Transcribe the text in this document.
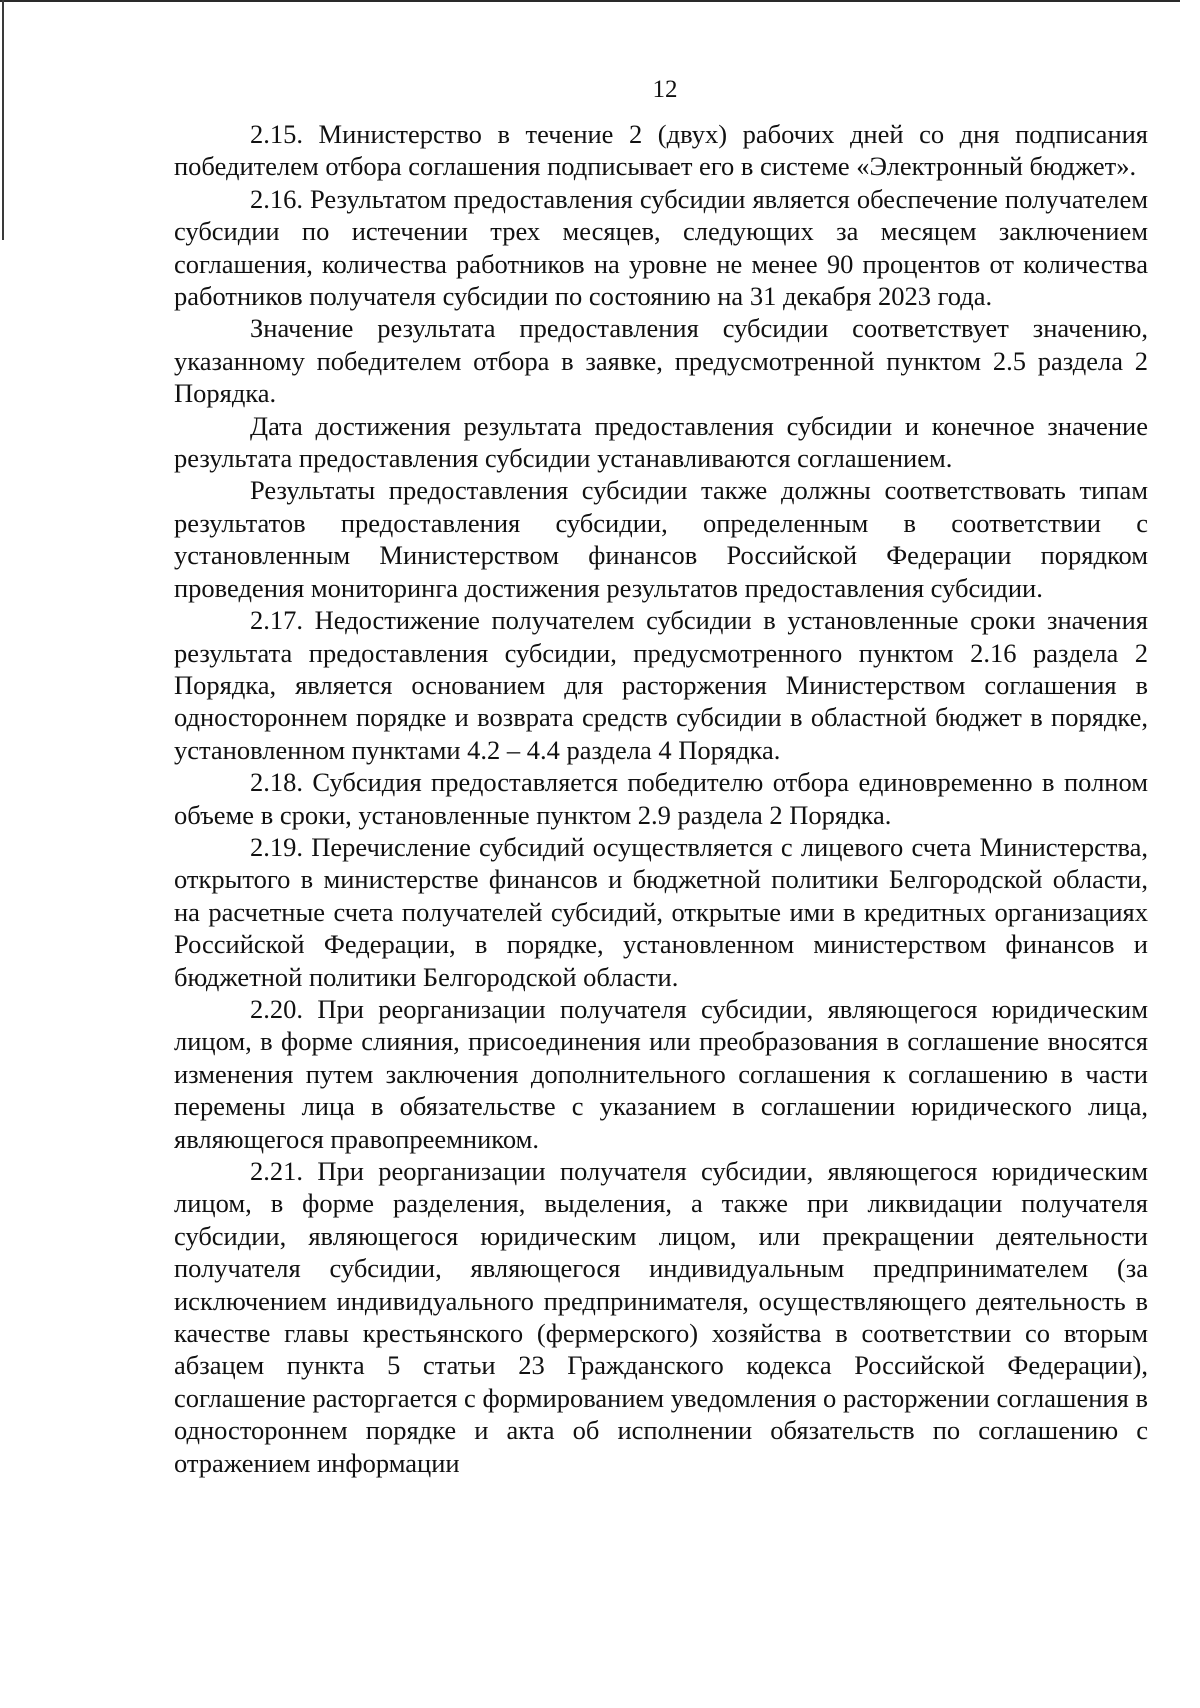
12

2.15. Министерство в течение 2 (двух) рабочих дней со дня подписания победителем отбора соглашения подписывает его в системе «Электронный бюджет».

2.16. Результатом предоставления субсидии является обеспечение получателем субсидии по истечении трех месяцев, следующих за месяцем заключением соглашения, количества работников на уровне не менее 90 процентов от количества работников получателя субсидии по состоянию на 31 декабря 2023 года.

Значение результата предоставления субсидии соответствует значению, указанному победителем отбора в заявке, предусмотренной пунктом 2.5 раздела 2 Порядка.

Дата достижения результата предоставления субсидии и конечное значение результата предоставления субсидии устанавливаются соглашением.

Результаты предоставления субсидии также должны соответствовать типам результатов предоставления субсидии, определенным в соответствии с установленным Министерством финансов Российской Федерации порядком проведения мониторинга достижения результатов предоставления субсидии.

2.17. Недостижение получателем субсидии в установленные сроки значения результата предоставления субсидии, предусмотренного пунктом 2.16 раздела 2 Порядка, является основанием для расторжения Министерством соглашения в одностороннем порядке и возврата средств субсидии в областной бюджет в порядке, установленном пунктами 4.2 – 4.4 раздела 4 Порядка.

2.18. Субсидия предоставляется победителю отбора единовременно в полном объеме в сроки, установленные пунктом 2.9 раздела 2 Порядка.

2.19. Перечисление субсидий осуществляется с лицевого счета Министерства, открытого в министерстве финансов и бюджетной политики Белгородской области, на расчетные счета получателей субсидий, открытые ими в кредитных организациях Российской Федерации, в порядке, установленном министерством финансов и бюджетной политики Белгородской области.

2.20. При реорганизации получателя субсидии, являющегося юридическим лицом, в форме слияния, присоединения или преобразования в соглашение вносятся изменения путем заключения дополнительного соглашения к соглашению в части перемены лица в обязательстве с указанием в соглашении юридического лица, являющегося правопреемником.

2.21. При реорганизации получателя субсидии, являющегося юридическим лицом, в форме разделения, выделения, а также при ликвидации получателя субсидии, являющегося юридическим лицом, или прекращении деятельности получателя субсидии, являющегося индивидуальным предпринимателем (за исключением индивидуального предпринимателя, осуществляющего деятельность в качестве главы крестьянского (фермерского) хозяйства в соответствии со вторым абзацем пункта 5 статьи 23 Гражданского кодекса Российской Федерации), соглашение расторгается с формированием уведомления о расторжении соглашения в одностороннем порядке и акта об исполнении обязательств по соглашению с отражением информации
